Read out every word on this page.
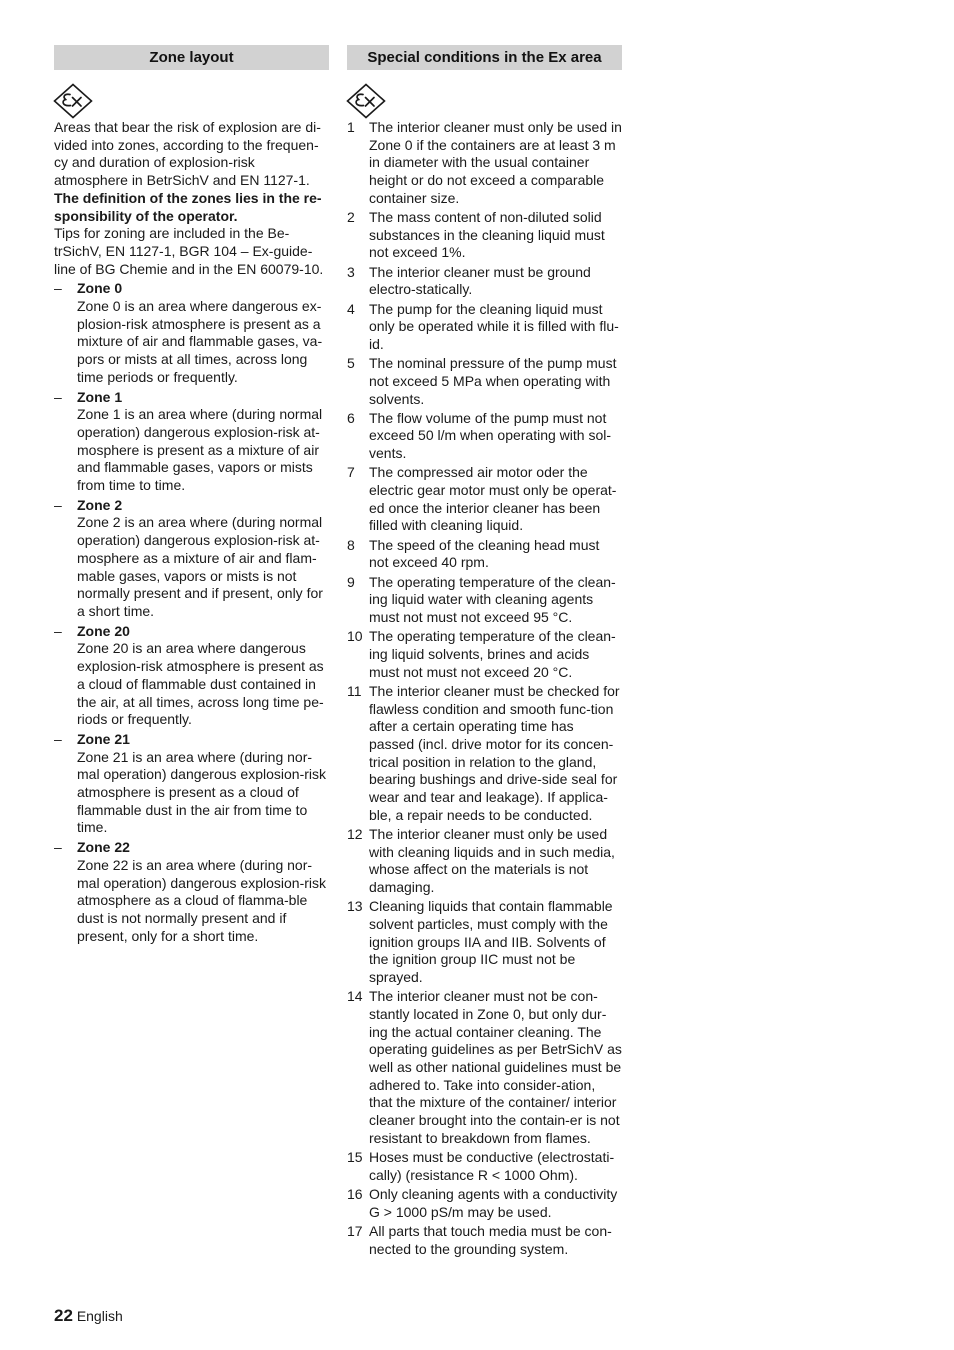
Zone layout

Areas that bear the risk of explosion are di-vided into zones, according to the frequen-cy and duration of explosion-risk atmosphere in BetrSichV and EN 1127-1.

The definition of the zones lies in the re-sponsibility of the operator.

Tips for zoning are included in the Be-trSichV, EN 1127-1, BGR 104 – Ex-guide-line of BG Chemie and in the EN 60079-10.

– Zone 0
Zone 0 is an area where dangerous ex-plosion-risk atmosphere is present as a mixture of air and flammable gases, va-pors or mists at all times, across long time periods or frequently.
– Zone 1
Zone 1 is an area where (during normal operation) dangerous explosion-risk at-mosphere is present as a mixture of air and flammable gases, vapors or mists from time to time.
– Zone 2
Zone 2 is an area where (during normal operation) dangerous explosion-risk at-mosphere as a mixture of air and flam-mable gases, vapors or mists is not normally present and if present, only for a short time.
– Zone 20
Zone 20 is an area where dangerous explosion-risk atmosphere is present as a cloud of flammable dust contained in the air, at all times, across long time pe-riods or frequently.
– Zone 21
Zone 21 is an area where (during nor-mal operation) dangerous explosion-risk atmosphere is present as a cloud of flammable dust in the air from time to time.
– Zone 22
Zone 22 is an area where (during nor-mal operation) dangerous explosion-risk atmosphere as a cloud of flamma-ble dust is not normally present and if present, only for a short time.
Special conditions in the Ex area
1 The interior cleaner must only be used in Zone 0 if the containers are at least 3 m in diameter with the usual container height or do not exceed a comparable container size.
2 The mass content of non-diluted solid substances in the cleaning liquid must not exceed 1%.
3 The interior cleaner must be ground electro-statically.
4 The pump for the cleaning liquid must only be operated while it is filled with flu-id.
5 The nominal pressure of the pump must not exceed 5 MPa when operating with solvents.
6 The flow volume of the pump must not exceed 50 l/m when operating with sol-vents.
7 The compressed air motor oder the electric gear motor must only be operat-ed once the interior cleaner has been filled with cleaning liquid.
8 The speed of the cleaning head must not exceed 40 rpm.
9 The operating temperature of the clean-ing liquid water with cleaning agents must not must not exceed 95 °C.
10 The operating temperature of the clean-ing liquid solvents, brines and acids must not must not exceed 20 °C.
11 The interior cleaner must be checked for flawless condition and smooth func-tion after a certain operating time has passed (incl. drive motor for its concen-trical position in relation to the gland, bearing bushings and drive-side seal for wear and tear and leakage). If applica-ble, a repair needs to be conducted.
12 The interior cleaner must only be used with cleaning liquids and in such media, whose affect on the materials is not damaging.
13 Cleaning liquids that contain flammable solvent particles, must comply with the ignition groups IIA and IIB. Solvents of the ignition group IIC must not be sprayed.
14 The interior cleaner must not be con-stantly located in Zone 0, but only dur-ing the actual container cleaning. The operating guidelines as per BetrSichV as well as other national guidelines must be adhered to. Take into consider-ation, that the mixture of the container/ interior cleaner brought into the contain-er is not resistant to breakdown from flames.
15 Hoses must be conductive (electrostati-cally) (resistance R < 1000 Ohm).
16 Only cleaning agents with a conductivity G > 1000 pS/m may be used.
17 All parts that touch media must be con-nected to the grounding system.
22 English
